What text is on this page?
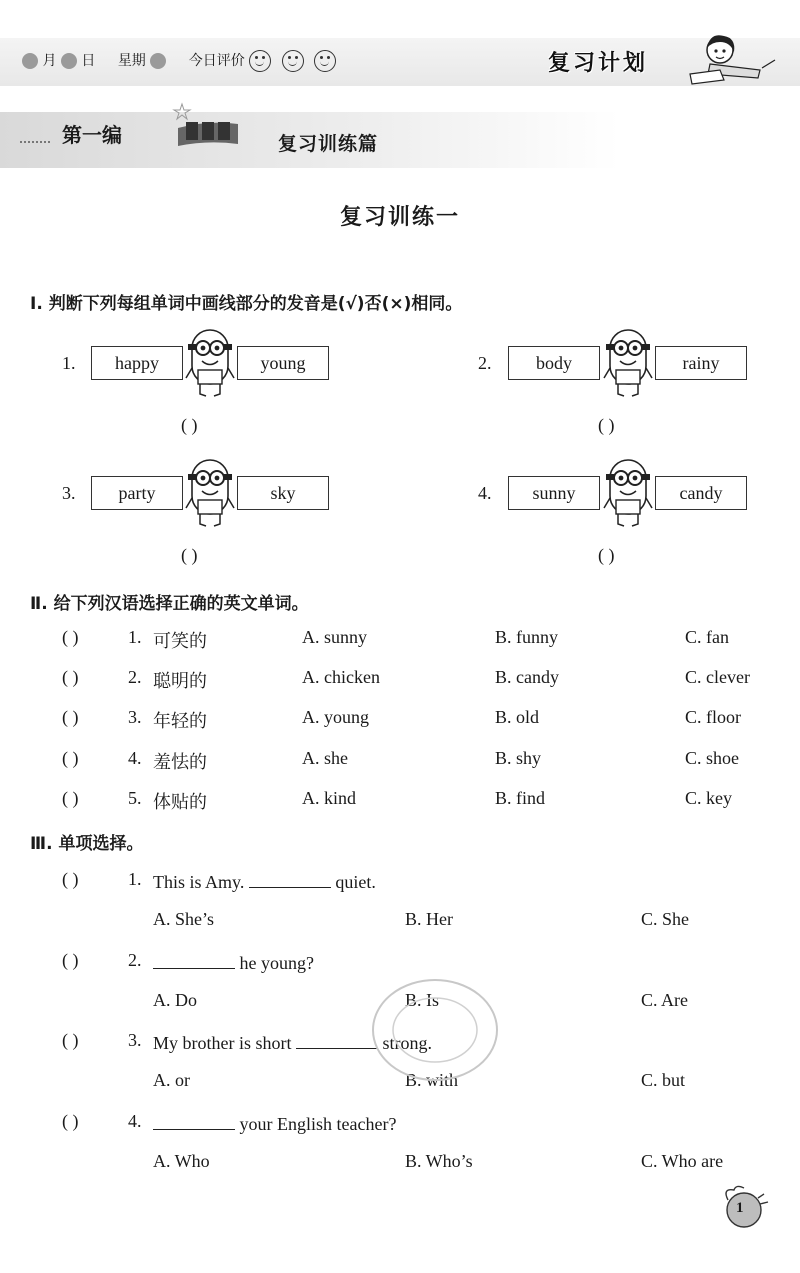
月 日 星期	今日评价

	复习计划
第一编	复习训练篇
复习训练一
Ⅰ. 判断下列每组单词中画线部分的发音是(√)否(×)相同。
1.	happy	young
( )
2.	body	rainy
( )
3.	party	sky
( )
4.	sunny	candy
( )
Ⅱ. 给下列汉语选择正确的英文单词。
( )	1. 可笑的	A. sunny	B. funny	C. fan
( )	2. 聪明的	A. chicken	B. candy	C. clever
( )	3. 年轻的	A. young	B. old	C. floor
( )	4. 羞怯的	A. she	B. shy	C. shoe
( )	5. 体贴的	A. kind	B. find	C. key
Ⅲ. 单项选择。
( )	1. This is Amy.	quiet.
A. She’s	B. Her	C. She
( )	2.	he young?
A. Do	B. Is	C. Are
( )	3. My brother is short	strong.
A. or	B. with	C. but
( )	4.	your English teacher?
A. Who	B. Who’s	C. Who are
1
